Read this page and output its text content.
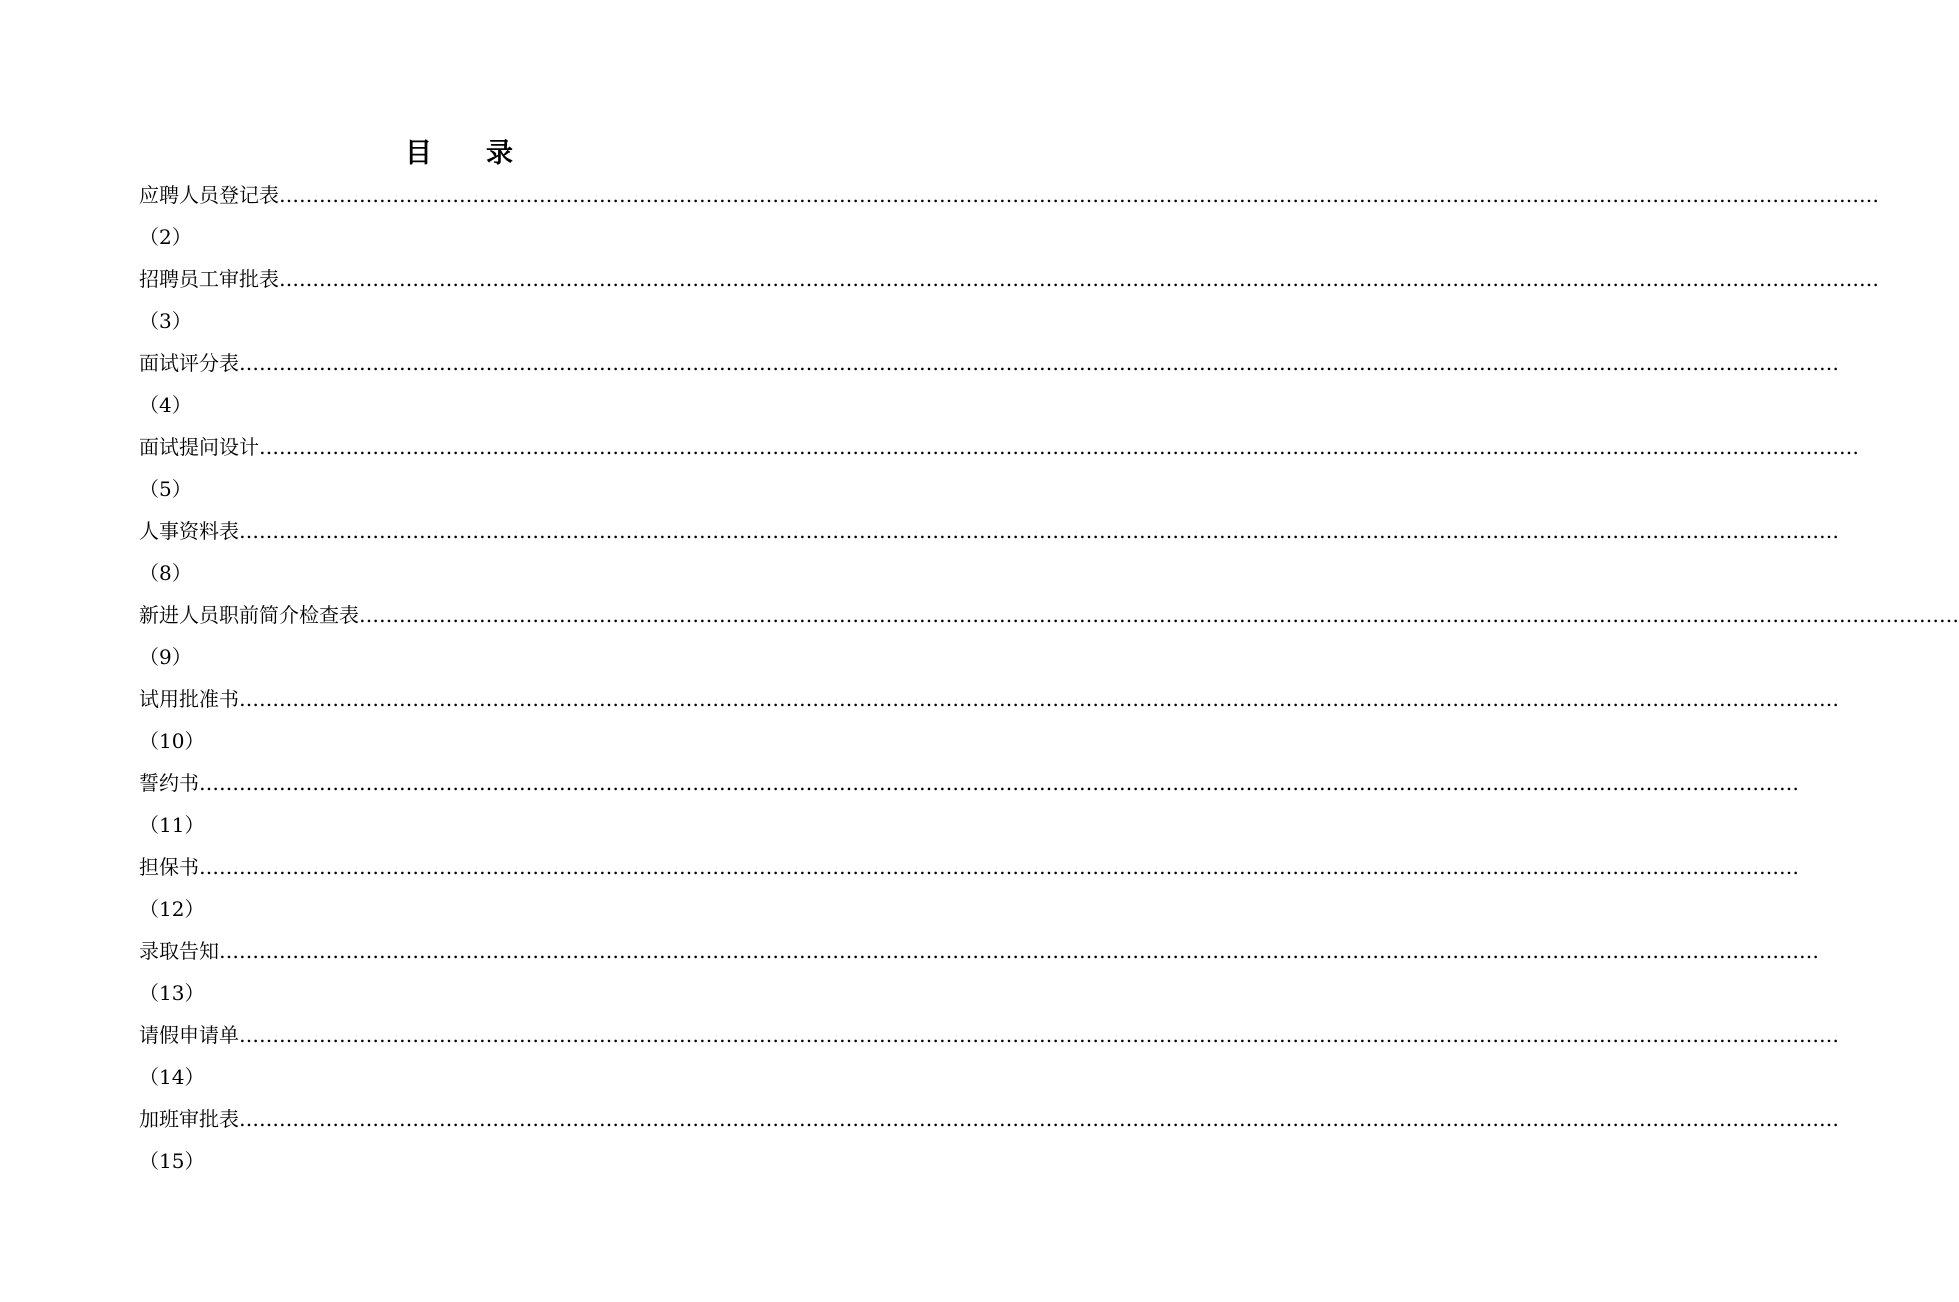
目 录
应聘人员登记表……………………………………………………………………………………………………………………………………………………………………………………………………………………
（2）
招聘员工审批表……………………………………………………………………………………………………………………………………………………………………………………………………………………
（3）
面试评分表……………………………………………………………………………………………………………………………………………………………………………………………………………………
（4）
面试提问设计……………………………………………………………………………………………………………………………………………………………………………………………………………………
（5）
人事资料表……………………………………………………………………………………………………………………………………………………………………………………………………………………
（8）
新进人员职前简介检查表……………………………………………………………………………………………………………………………………………………………………………………………………………………
（9）
试用批准书……………………………………………………………………………………………………………………………………………………………………………………………………………………
（10）
誓约书……………………………………………………………………………………………………………………………………………………………………………………………………………………
（11）
担保书……………………………………………………………………………………………………………………………………………………………………………………………………………………
（12）
录取告知……………………………………………………………………………………………………………………………………………………………………………………………………………………
（13）
请假申请单……………………………………………………………………………………………………………………………………………………………………………………………………………………
（14）
加班审批表……………………………………………………………………………………………………………………………………………………………………………………………………………………
（15）
